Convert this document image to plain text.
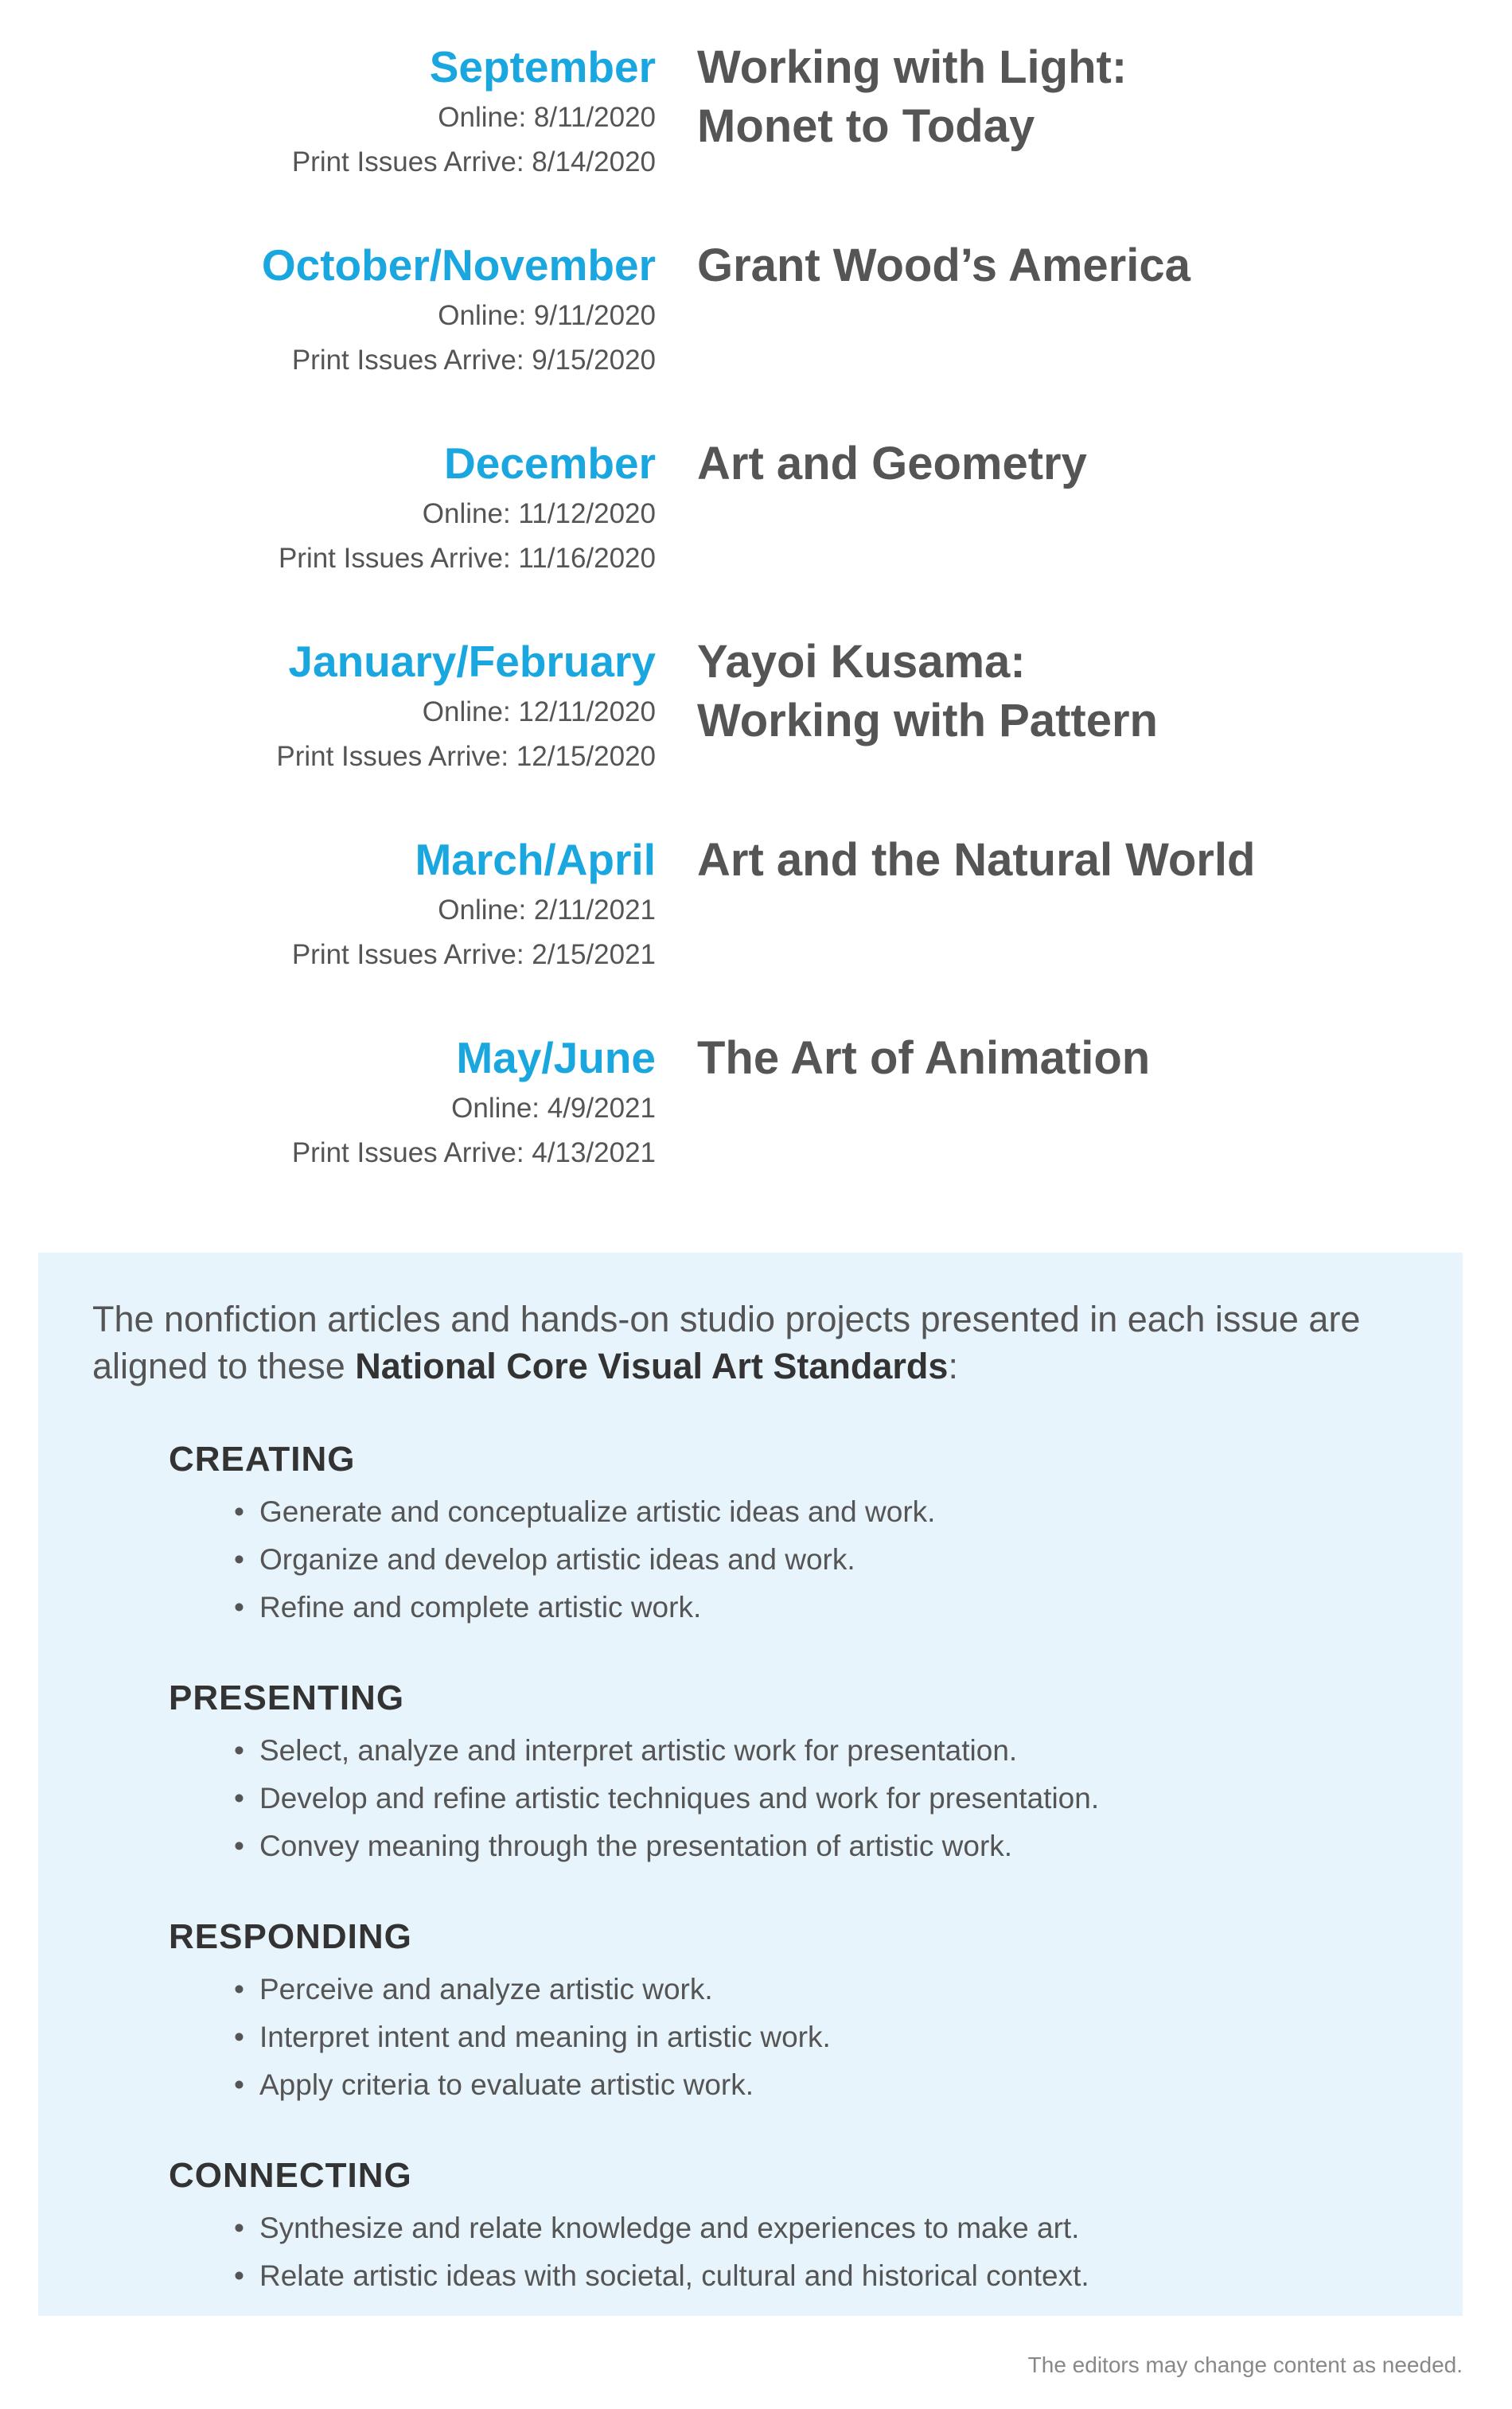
September
Online: 8/11/2020
Print Issues Arrive: 8/14/2020
Working with Light:
Monet to Today
October/November
Online: 9/11/2020
Print Issues Arrive: 9/15/2020
Grant Wood’s America
December
Online: 11/12/2020
Print Issues Arrive: 11/16/2020
Art and Geometry
January/February
Online: 12/11/2020
Print Issues Arrive: 12/15/2020
Yayoi Kusama:
Working with Pattern
March/April
Online: 2/11/2021
Print Issues Arrive: 2/15/2021
Art and the Natural World
May/June
Online: 4/9/2021
Print Issues Arrive: 4/13/2021
The Art of Animation

The nonfiction articles and hands-on studio projects presented in each issue are aligned to these National Core Visual Art Standards:

CREATING
• Generate and conceptualize artistic ideas and work.
• Organize and develop artistic ideas and work.
• Refine and complete artistic work.
PRESENTING
• Select, analyze and interpret artistic work for presentation.
• Develop and refine artistic techniques and work for presentation.
• Convey meaning through the presentation of artistic work.
RESPONDING
• Perceive and analyze artistic work.
• Interpret intent and meaning in artistic work.
• Apply criteria to evaluate artistic work.
CONNECTING
• Synthesize and relate knowledge and experiences to make art.
• Relate artistic ideas with societal, cultural and historical context.

The editors may change content as needed.
